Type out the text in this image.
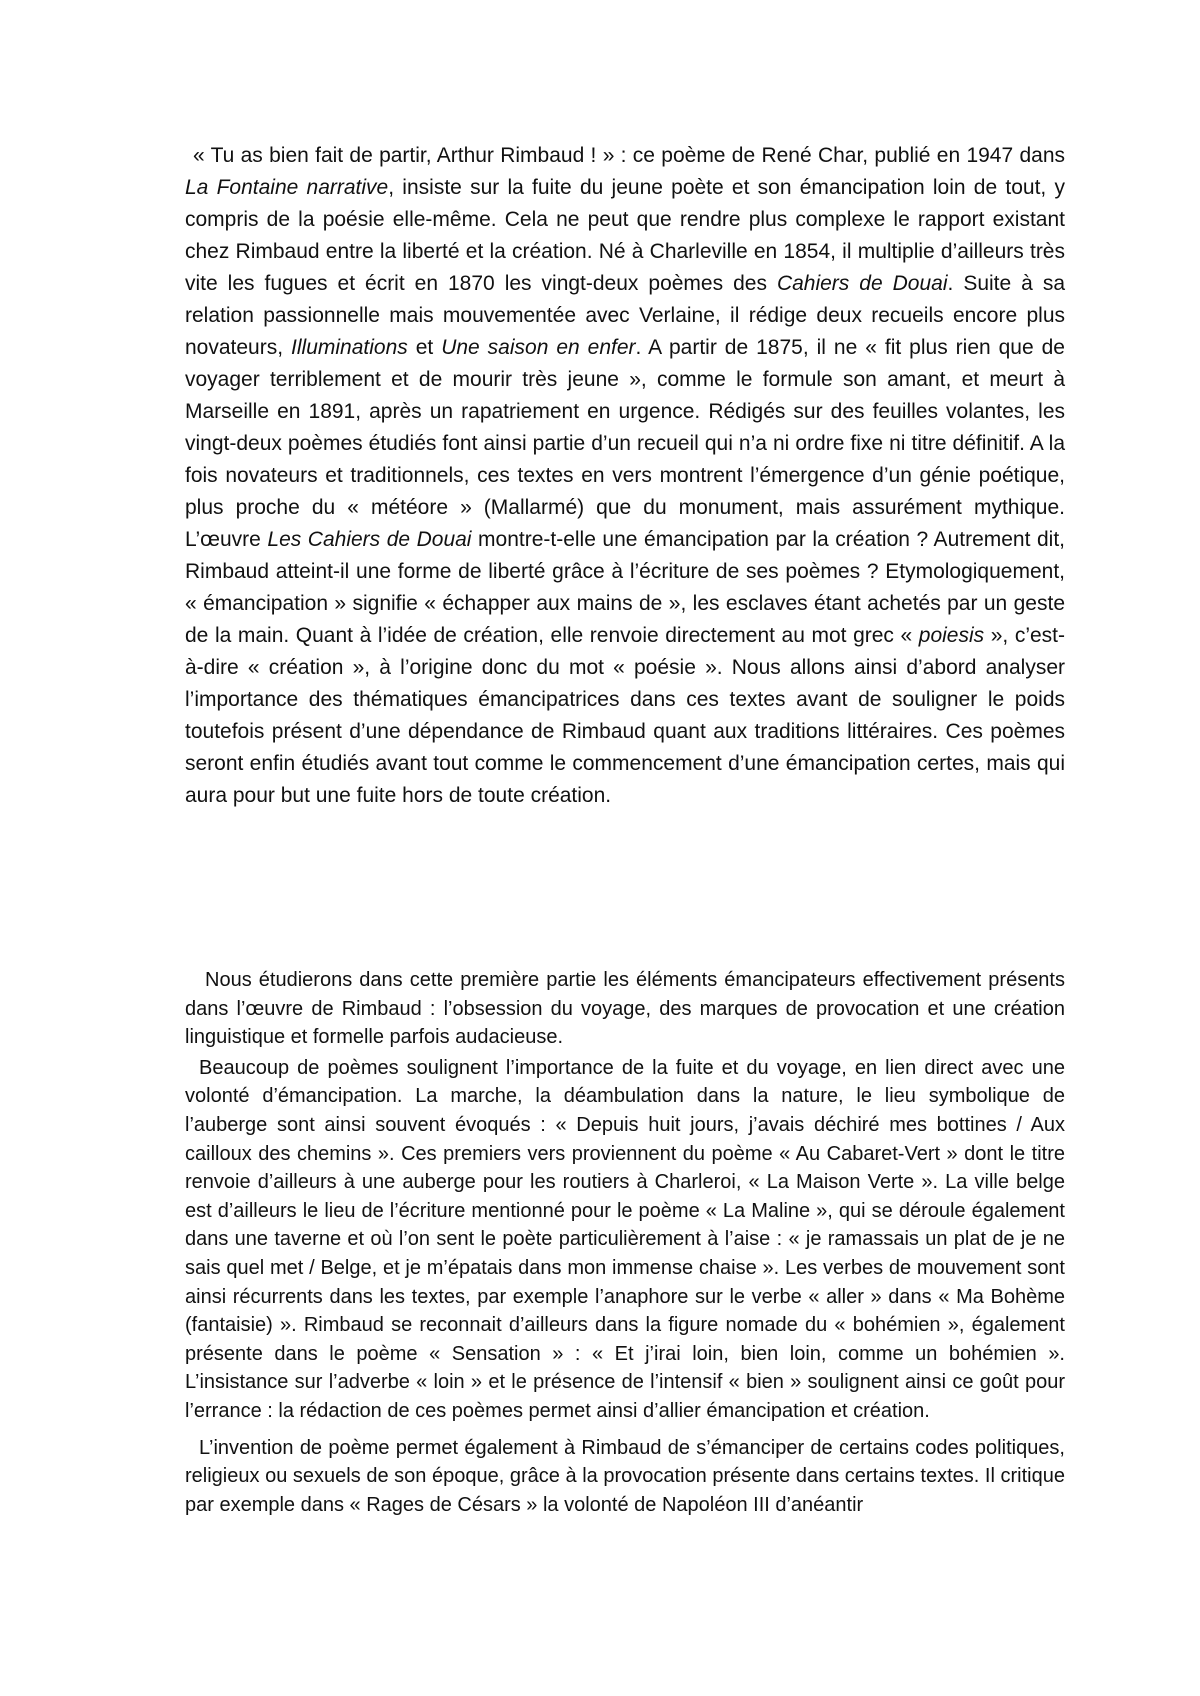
« Tu as bien fait de partir, Arthur Rimbaud ! » : ce poème de René Char, publié en 1947 dans La Fontaine narrative, insiste sur la fuite du jeune poète et son émancipation loin de tout, y compris de la poésie elle-même. Cela ne peut que rendre plus complexe le rapport existant chez Rimbaud entre la liberté et la création. Né à Charleville en 1854, il multiplie d’ailleurs très vite les fugues et écrit en 1870 les vingt-deux poèmes des Cahiers de Douai. Suite à sa relation passionnelle mais mouvementée avec Verlaine, il rédige deux recueils encore plus novateurs, Illuminations et Une saison en enfer. A partir de 1875, il ne « fit plus rien que de voyager terriblement et de mourir très jeune », comme le formule son amant, et meurt à Marseille en 1891, après un rapatriement en urgence. Rédigés sur des feuilles volantes, les vingt-deux poèmes étudiés font ainsi partie d’un recueil qui n’a ni ordre fixe ni titre définitif. A la fois novateurs et traditionnels, ces textes en vers montrent l’émergence d’un génie poétique, plus proche du « météore » (Mallarmé) que du monument, mais assurément mythique. L’œuvre Les Cahiers de Douai montre-t-elle une émancipation par la création ? Autrement dit, Rimbaud atteint-il une forme de liberté grâce à l’écriture de ses poèmes ? Etymologiquement, « émancipation » signifie « échapper aux mains de », les esclaves étant achetés par un geste de la main. Quant à l’idée de création, elle renvoie directement au mot grec « poiesis », c’est-à-dire « création », à l’origine donc du mot « poésie ». Nous allons ainsi d’abord analyser l’importance des thématiques émancipatrices dans ces textes avant de souligner le poids toutefois présent d’une dépendance de Rimbaud quant aux traditions littéraires. Ces poèmes seront enfin étudiés avant tout comme le commencement d’une émancipation certes, mais qui aura pour but une fuite hors de toute création.

Nous étudierons dans cette première partie les éléments émancipateurs effectivement présents dans l’œuvre de Rimbaud : l’obsession du voyage, des marques de provocation et une création linguistique et formelle parfois audacieuse.

Beaucoup de poèmes soulignent l’importance de la fuite et du voyage, en lien direct avec une volonté d’émancipation. La marche, la déambulation dans la nature, le lieu symbolique de l’auberge sont ainsi souvent évoqués : « Depuis huit jours, j’avais déchiré mes bottines / Aux cailloux des chemins ». Ces premiers vers proviennent du poème « Au Cabaret-Vert » dont le titre renvoie d’ailleurs à une auberge pour les routiers à Charleroi, « La Maison Verte ». La ville belge est d’ailleurs le lieu de l’écriture mentionné pour le poème « La Maline », qui se déroule également dans une taverne et où l’on sent le poète particulièrement à l’aise : « je ramassais un plat de je ne sais quel met / Belge, et je m’épatais dans mon immense chaise ». Les verbes de mouvement sont ainsi récurrents dans les textes, par exemple l’anaphore sur le verbe « aller » dans « Ma Bohème (fantaisie) ». Rimbaud se reconnait d’ailleurs dans la figure nomade du « bohémien », également présente dans le poème « Sensation » : « Et j’irai loin, bien loin, comme un bohémien ». L’insistance sur l’adverbe « loin » et le présence de l’intensif « bien » soulignent ainsi ce goût pour l’errance : la rédaction de ces poèmes permet ainsi d’allier émancipation et création.

L’invention de poème permet également à Rimbaud de s’émanciper de certains codes politiques, religieux ou sexuels de son époque, grâce à la provocation présente dans certains textes. Il critique par exemple dans « Rages de Césars » la volonté de Napoléon III d’anéantir
